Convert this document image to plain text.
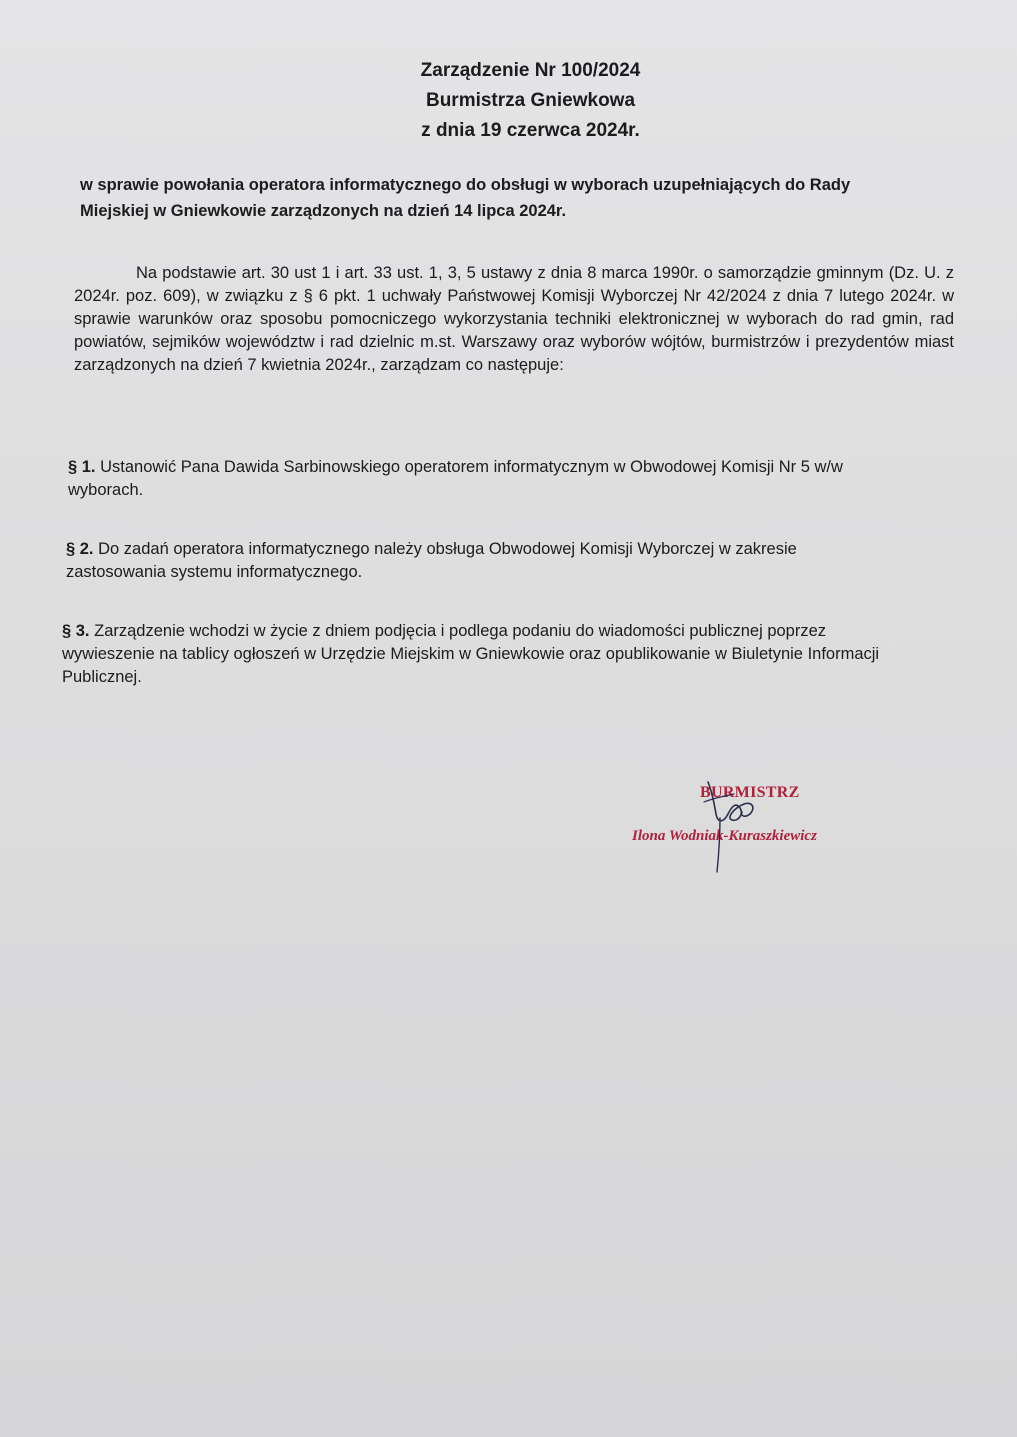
Zarządzenie Nr 100/2024
Burmistrza Gniewkowa
z dnia 19 czerwca 2024r.
w sprawie powołania operatora informatycznego do obsługi w wyborach uzupełniających do Rady Miejskiej w Gniewkowie zarządzonych na dzień 14 lipca 2024r.
Na podstawie art. 30 ust 1 i art. 33 ust. 1, 3, 5 ustawy z dnia 8 marca 1990r. o samorządzie gminnym (Dz. U. z 2024r. poz. 609), w związku z § 6 pkt. 1 uchwały Państwowej Komisji Wyborczej Nr 42/2024 z dnia 7 lutego 2024r. w sprawie warunków oraz sposobu pomocniczego wykorzystania techniki elektronicznej w wyborach do rad gmin, rad powiatów, sejmików województw i rad dzielnic m.st. Warszawy oraz wyborów wójtów, burmistrzów i prezydentów miast zarządzonych na dzień 7 kwietnia 2024r., zarządzam co następuje:
§ 1. Ustanowić Pana Dawida Sarbinowskiego operatorem informatycznym w Obwodowej Komisji Nr 5 w/w wyborach.
§ 2. Do zadań operatora informatycznego należy obsługa Obwodowej Komisji Wyborczej w zakresie zastosowania systemu informatycznego.
§ 3. Zarządzenie wchodzi w życie z dniem podjęcia i podlega podaniu do wiadomości publicznej poprzez wywieszenie na tablicy ogłoszeń w Urzędzie Miejskim w Gniewkowie oraz opublikowanie w Biuletynie Informacji Publicznej.
BURMISTRZ
Ilona Wodniak-Kuraszkiewicz
